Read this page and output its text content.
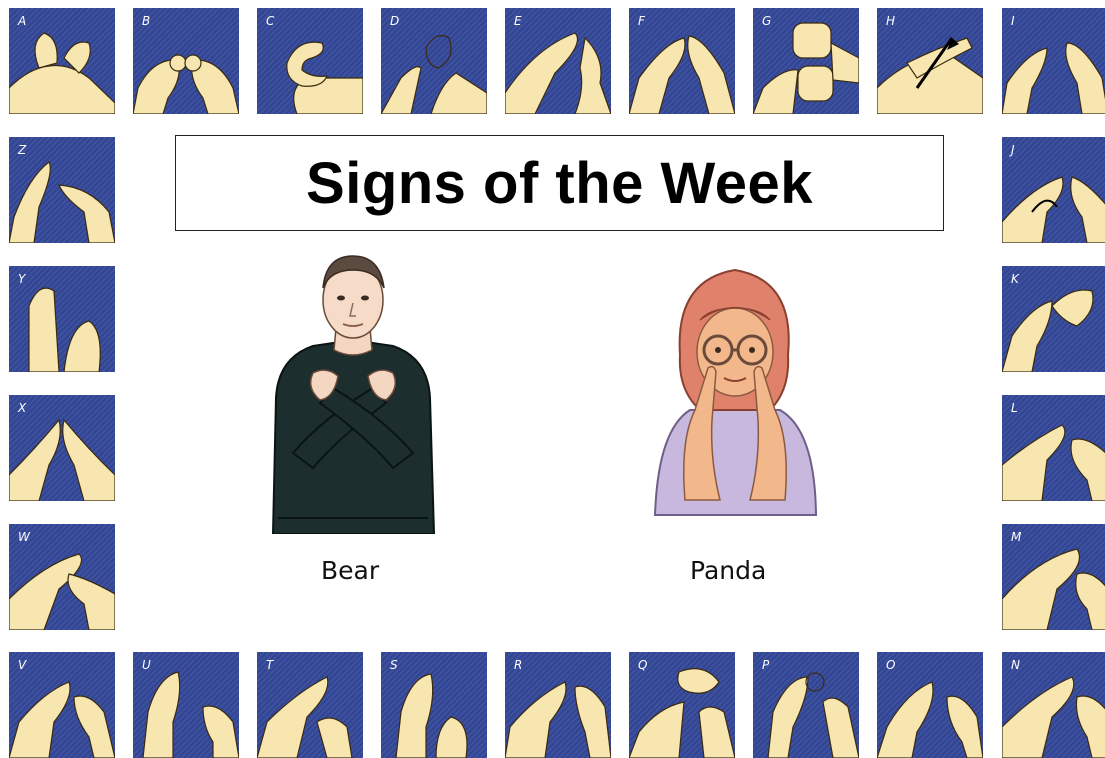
A	B	C	D	E	F	G	H	I
Z
Y
X
W
J
K
L
M
V	U	T	S	R	Q	P	O	N
Signs of the Week
Bear	Panda
